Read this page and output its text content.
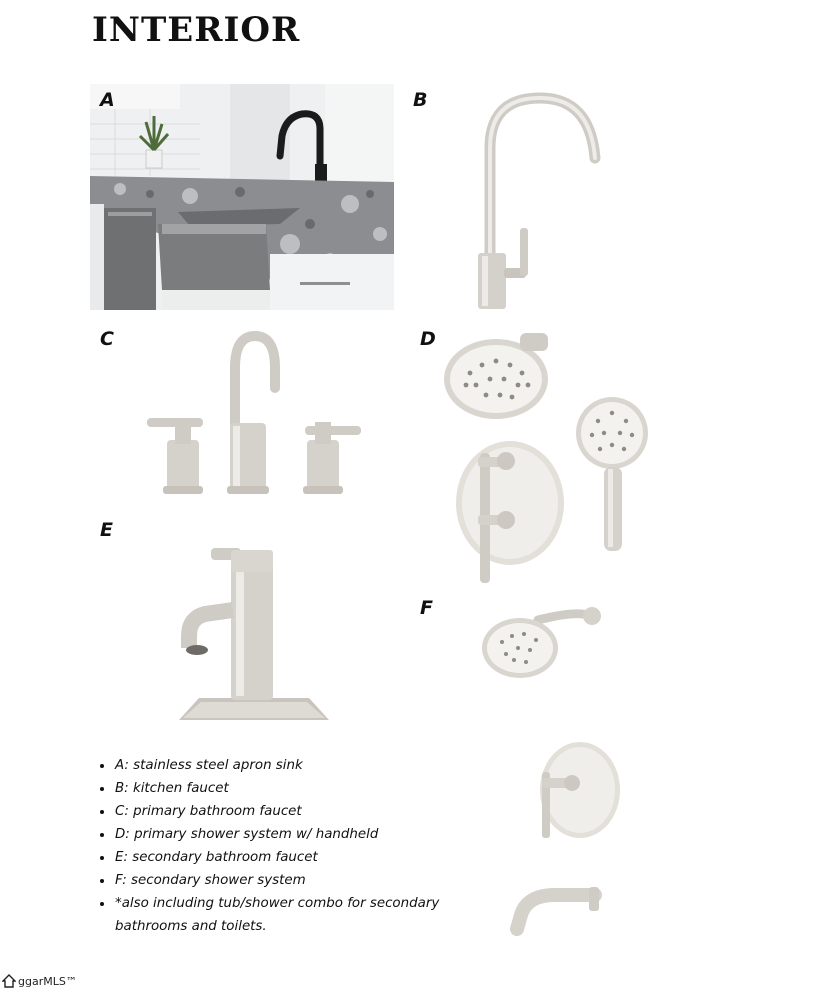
INTERIOR
A	B
C	D
E
F
• A: stainless steel apron sink
• B: kitchen faucet
• C: primary bathroom faucet
• D: primary shower system w/ handheld
• E: secondary bathroom faucet
• F: secondary shower system
• *also including tub/shower combo for secondary bathrooms and toilets.
ggarMLS™
